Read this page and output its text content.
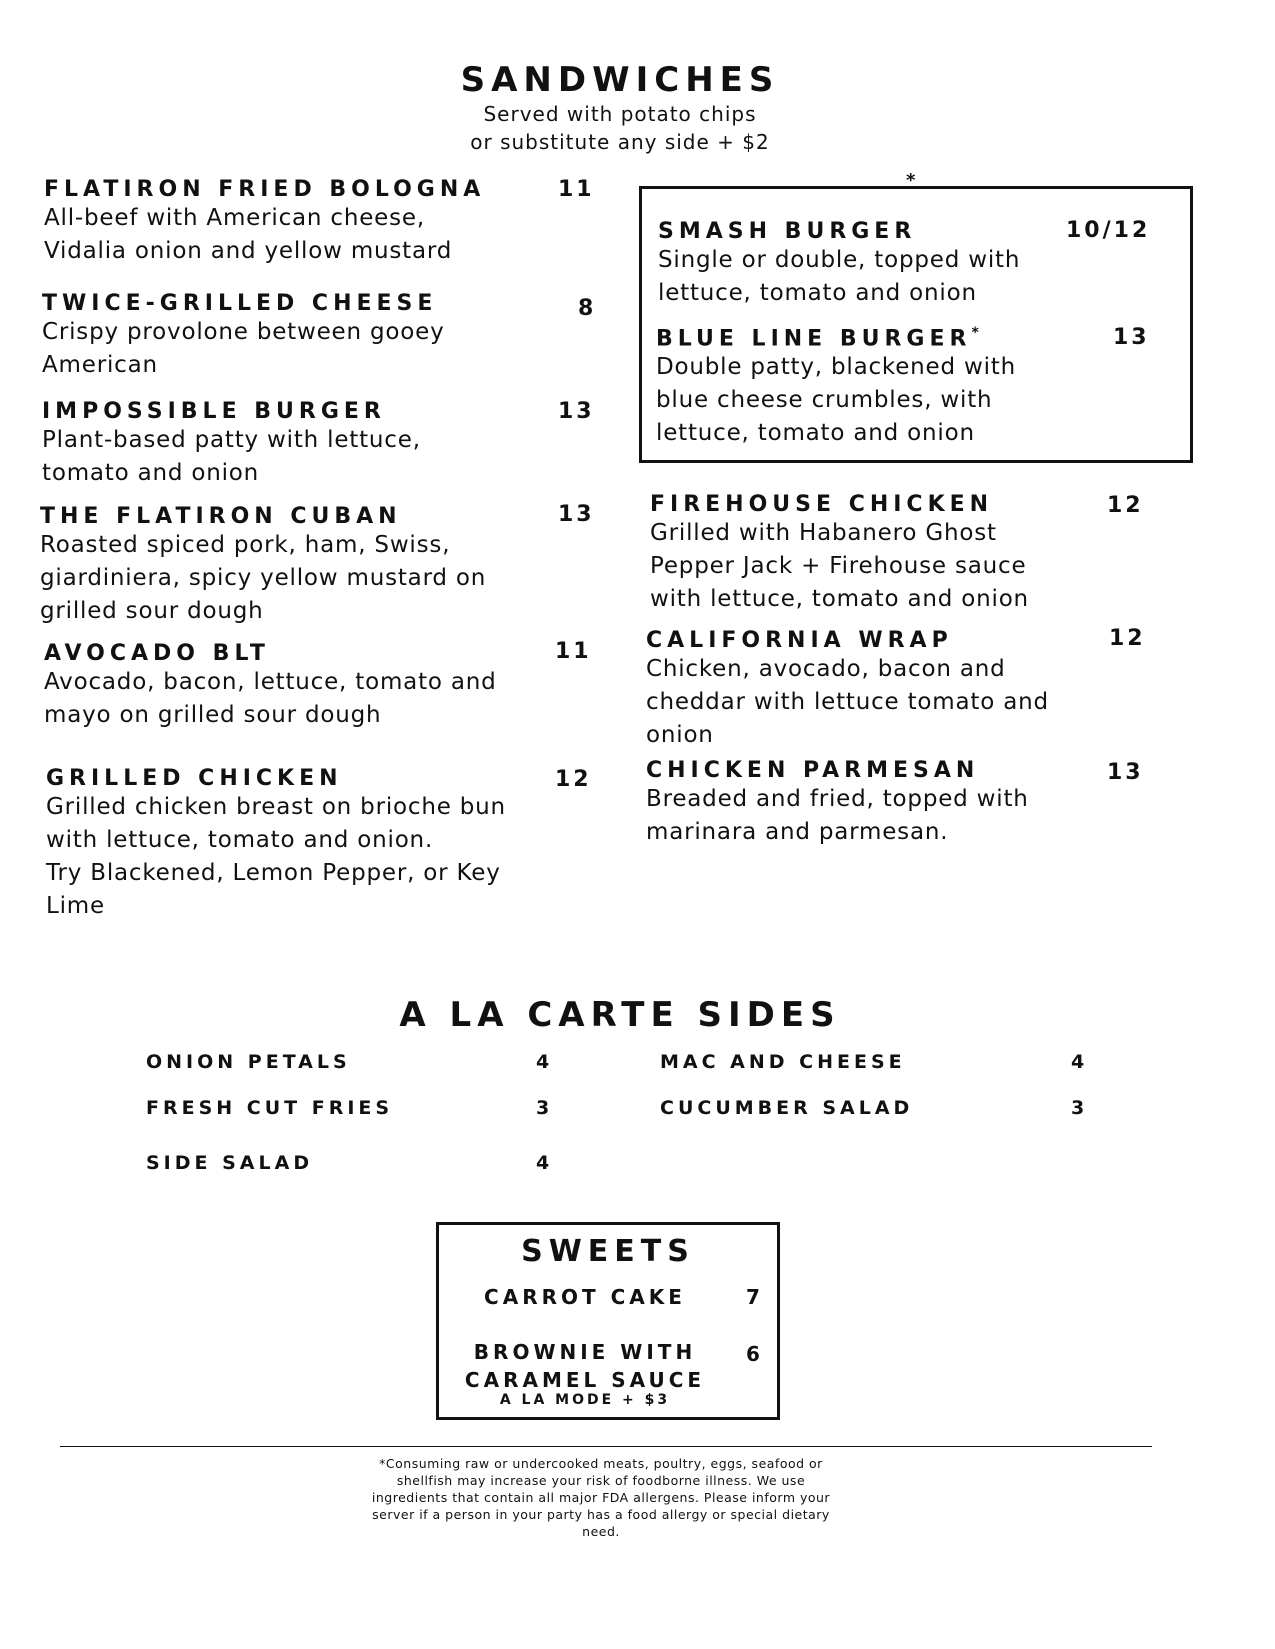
SANDWICHES
Served with potato chips
or substitute any side + $2
FLATIRON FRIED BOLOGNA
All-beef with American cheese,
Vidalia onion and yellow mustard
11
TWICE-GRILLED CHEESE
Crispy provolone between gooey
American
8
IMPOSSIBLE BURGER
Plant-based patty with lettuce,
tomato and onion
13
THE FLATIRON CUBAN
Roasted spiced pork, ham, Swiss,
giardiniera, spicy yellow mustard on
grilled sour dough
13
AVOCADO BLT
Avocado, bacon, lettuce, tomato and
mayo on grilled sour dough
11
GRILLED CHICKEN
Grilled chicken breast on brioche bun
with lettuce, tomato and onion.
Try Blackened, Lemon Pepper, or Key
Lime
12
*
SMASH BURGER
Single or double, topped with
lettuce, tomato and onion
10/12
BLUE LINE BURGER*
Double patty, blackened with
blue cheese crumbles, with
lettuce, tomato and onion
13
FIREHOUSE CHICKEN
Grilled with Habanero Ghost
Pepper Jack + Firehouse sauce
with lettuce, tomato and onion
12
CALIFORNIA WRAP
Chicken, avocado, bacon and
cheddar with lettuce tomato and
onion
12
CHICKEN PARMESAN
Breaded and fried, topped with
marinara and parmesan.
13
A LA CARTE SIDES
ONION PETALS	4	MAC AND CHEESE	4
FRESH CUT FRIES	3	CUCUMBER SALAD	3
SIDE SALAD	4
SWEETS
CARROT CAKE	7
BROWNIE WITH
CARAMEL SAUCE
A LA MODE + $3
6
*Consuming raw or undercooked meats, poultry, eggs, seafood or
shellfish may increase your risk of foodborne illness. We use
ingredients that contain all major FDA allergens. Please inform your
server if a person in your party has a food allergy or special dietary
need.
